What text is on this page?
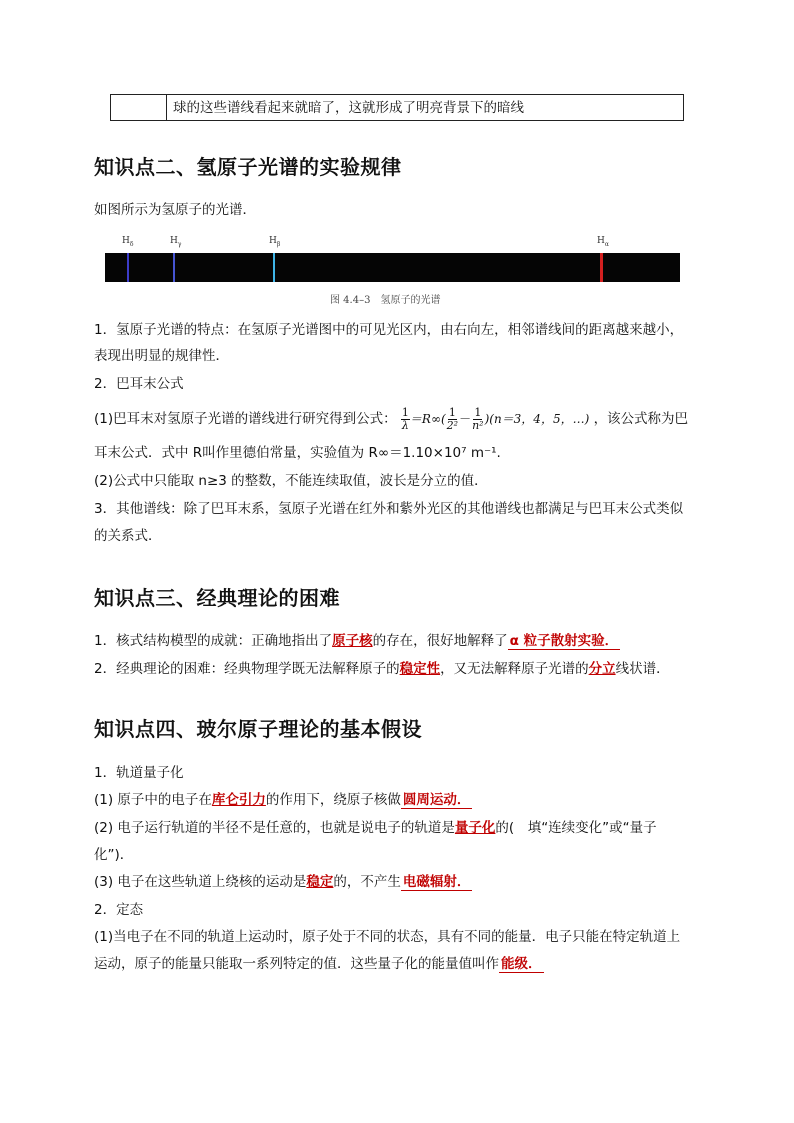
球的这些谱线看起来就暗了，这就形成了明亮背景下的暗线
知识点二、氢原子光谱的实验规律
如图所示为氢原子的光谱．
$H_\delta$	$H_\gamma$	$H_\beta$	$H_\alpha$
图 4.4–3　氢原子的光谱
1．氢原子光谱的特点：在氢原子光谱图中的可见光区内，由右向左，相邻谱线间的距离越来越小，
表现出明显的规律性．
2．巴耳末公式
(1)巴耳末对氢原子光谱的谱线进行研究得到公式： $\frac{1}{\lambda} =R\infty( \frac{1}{\text{2²}} - \frac{1}{\text{n²}} )(n=3$，4，5，…) ，该公式称为巴
耳末公式．式中 R叫作里德伯常量，实验值为 R∞＝1.10×10⁷ m⁻¹.
(2)公式中只能取 n≥3 的整数，不能连续取值，波长是分立的值．
3．其他谱线：除了巴耳末系，氢原子光谱在红外和紫外光区的其他谱线也都满足与巴耳末公式类似
的关系式．
知识点三、经典理论的困难
1．核式结构模型的成就：正确地指出了原子核的存在，很好地解释了 α 粒子散射实验．
2．经典理论的困难：经典物理学既无法解释原子的稳定性，又无法解释原子光谱的分立线状谱．
知识点四、玻尔原子理论的基本假设
1．轨道量子化
(1) 原子中的电子在库仑引力的作用下，绕原子核做 圆周运动．
(2) 电子运行轨道的半径不是任意的，也就是说电子的轨道是量子化的(　填“连续变化”或“量子
化”)．
(3) 电子在这些轨道上绕核的运动是稳定的，不产生 电磁辐射．
2．定态
(1)当电子在不同的轨道上运动时，原子处于不同的状态，具有不同的能量．电子只能在特定轨道上
运动，原子的能量只能取一系列特定的值．这些量子化的能量值叫作 能级．
